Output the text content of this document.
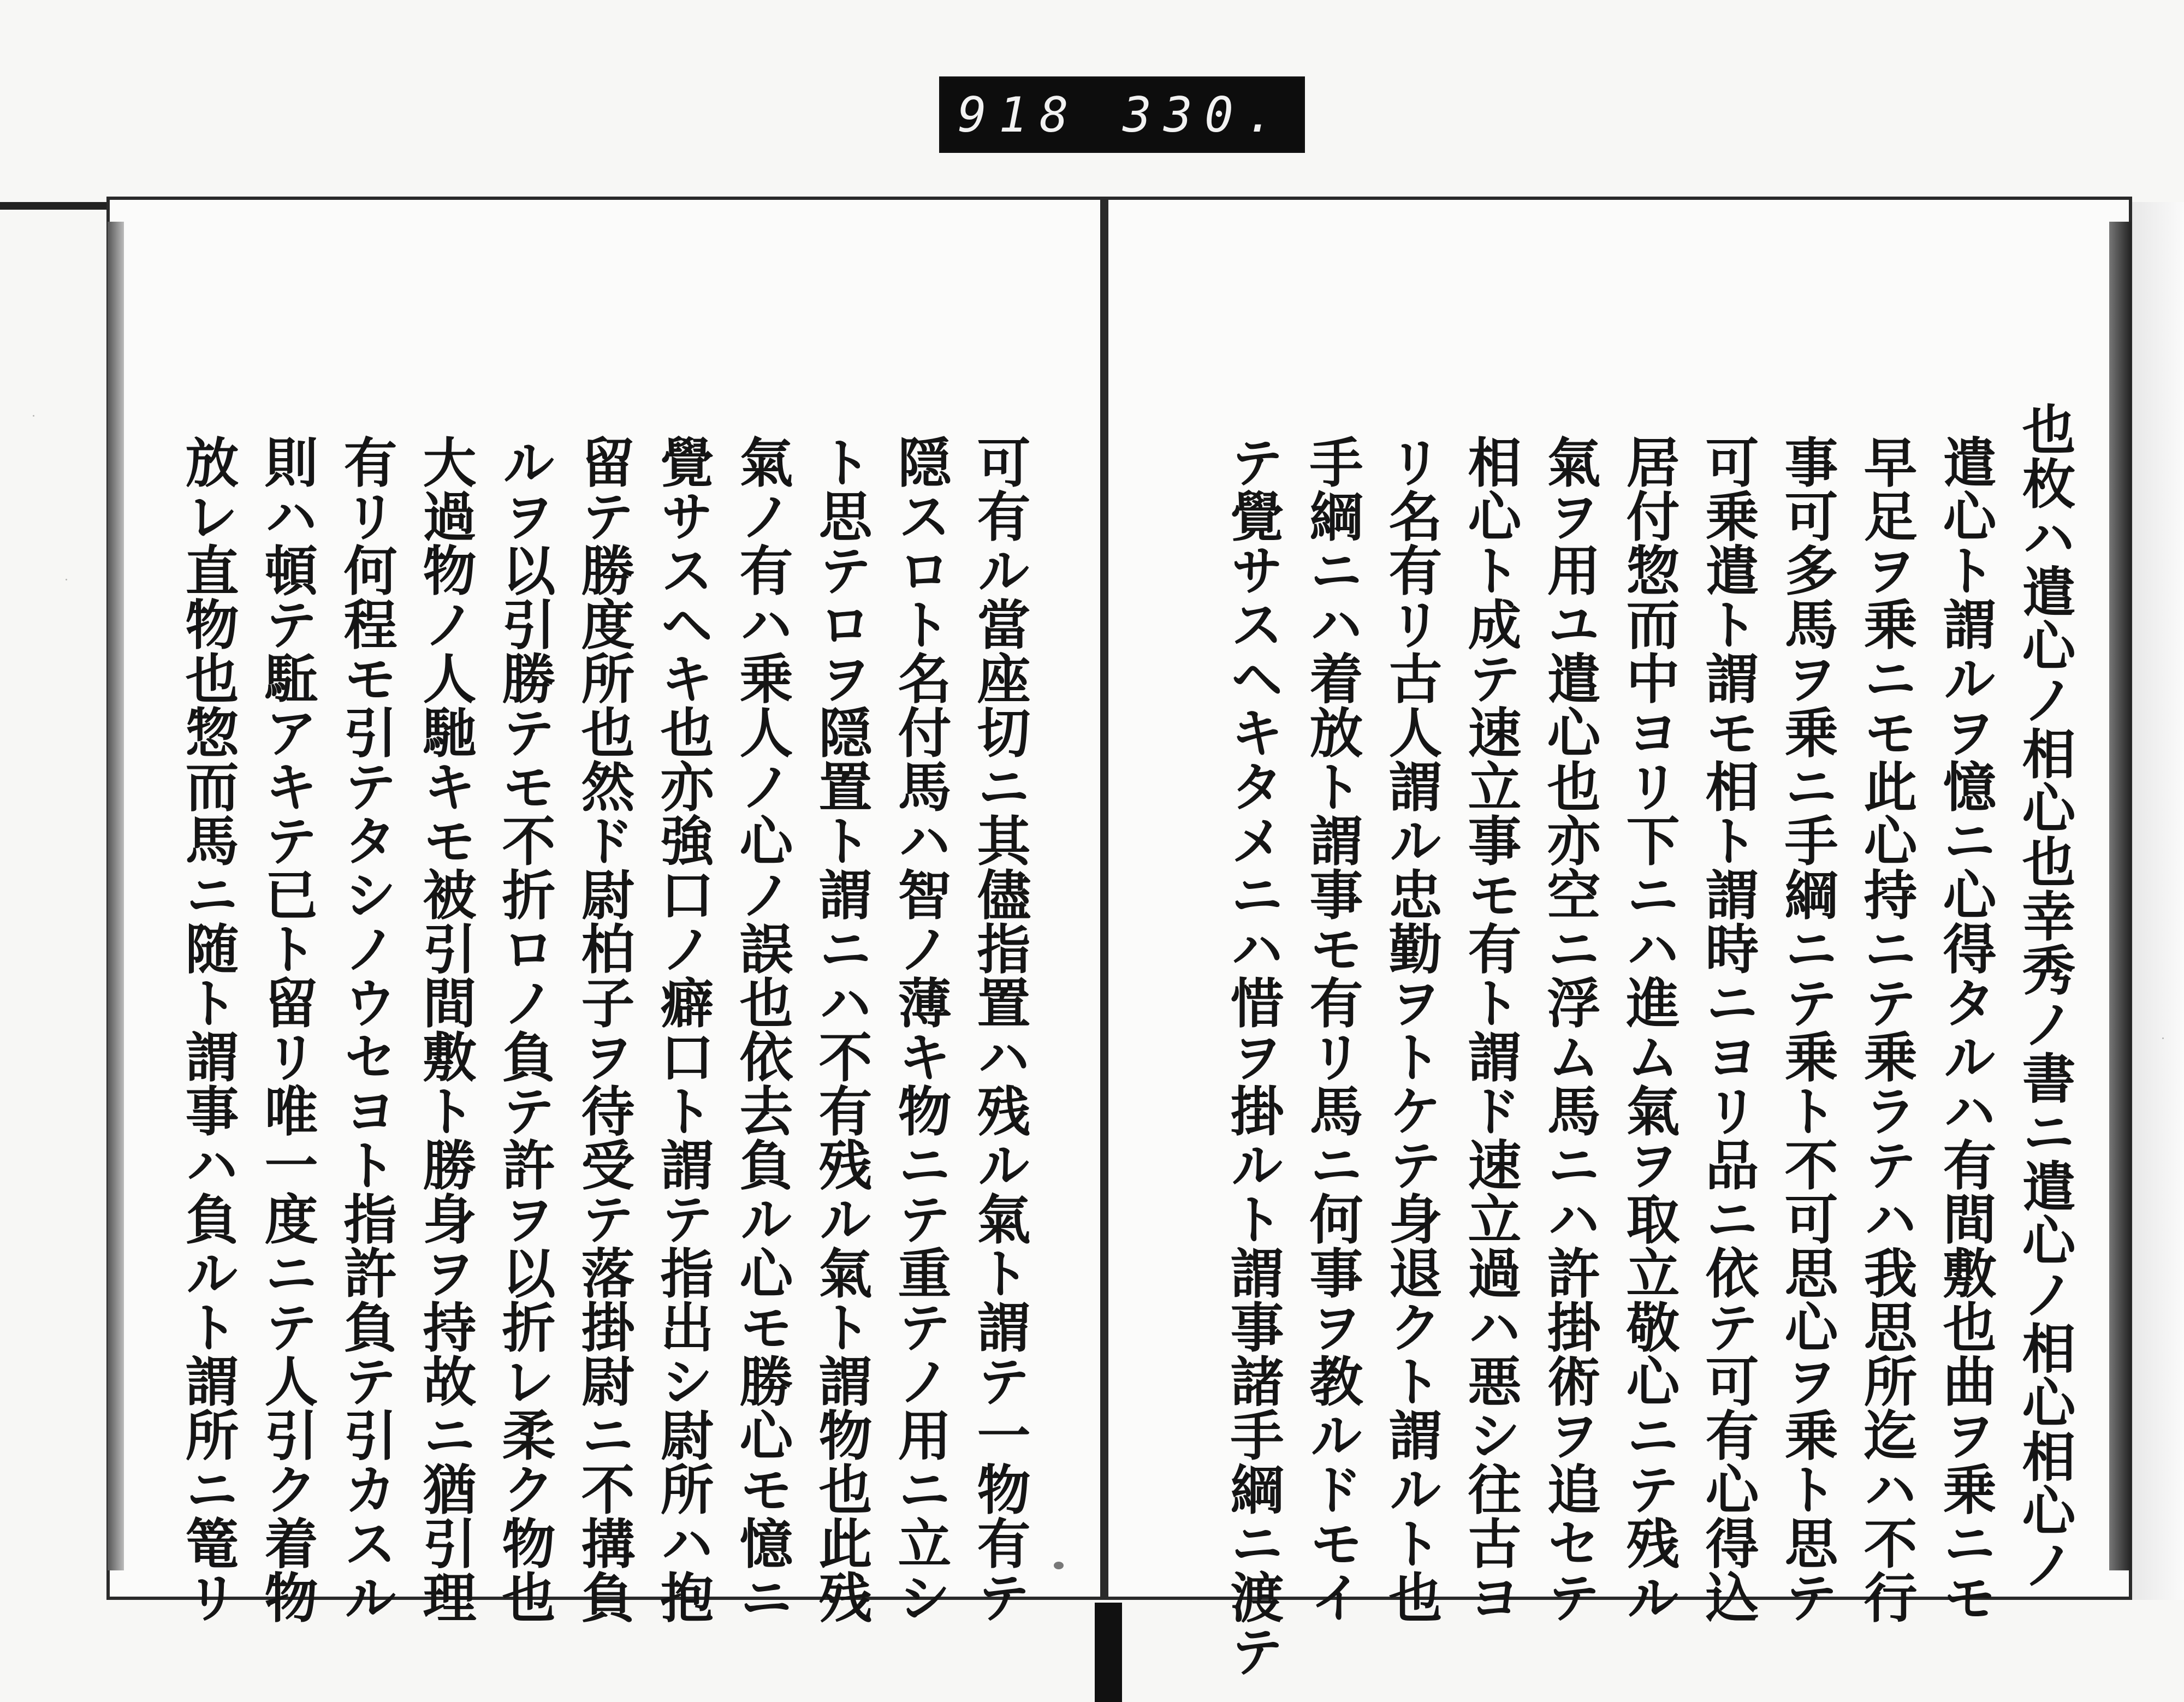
918 330.
可有ル當座切ニ其儘指置ハ残ル氣ト謂テ一物有テ
隠スロト名付馬ハ智ノ薄キ物ニテ重テノ用ニ立シ
ト思テロヲ隠置ト謂ニハ不有残ル氣ト謂物也此残
氣ノ有ハ乗人ノ心ノ誤也依去負ル心モ勝心モ憶ニ
覺サスヘキ也亦強口ノ癖口ト謂テ指出シ尉所ハ抱
留テ勝度所也然ド尉柏子ヲ待受テ落掛尉ニ不搆負
ルヲ以引勝テモ不折ロノ負テ許ヲ以折レ柔ク物也
大過物ノ人馳キモ被引間敷ト勝身ヲ持故ニ猶引理
有リ何程モ引テタシノウセヨト指許負テ引カスル
則ハ頓テ駈アキテ已ト留リ唯一度ニテ人引ク着物
放レ直物也惣而馬ニ随ト謂事ハ負ルト謂所ニ篭リ	也枚ハ遣心ノ相心也幸秀ノ書ニ遣心ノ相心相心ノ
遣心ト謂ルヲ憶ニ心得タルハ有間敷也曲ヲ乗ニモ
早足ヲ乗ニモ此心持ニテ乗ラテハ我思所迄ハ不行
事可多馬ヲ乗ニ手綱ニテ乗ト不可思心ヲ乗ト思テ
可乗遣ト謂モ相ト謂時ニヨリ品ニ依テ可有心得込
居付惣而中ヨリ下ニハ進ム氣ヲ取立敬心ニテ残ル
氣ヲ用ユ遣心也亦空ニ浮ム馬ニハ許掛術ヲ追セテ
相心ト成テ速立事モ有ト謂ド速立過ハ悪シ往古ヨ
リ名有リ古人謂ル忠勤ヲトケテ身退クト謂ルト也
手綱ニハ着放ト謂事モ有リ馬ニ何事ヲ教ルドモイ
テ覺サスヘキタメニハ惜ヲ掛ルト謂事諸手綱ニ渡テ
